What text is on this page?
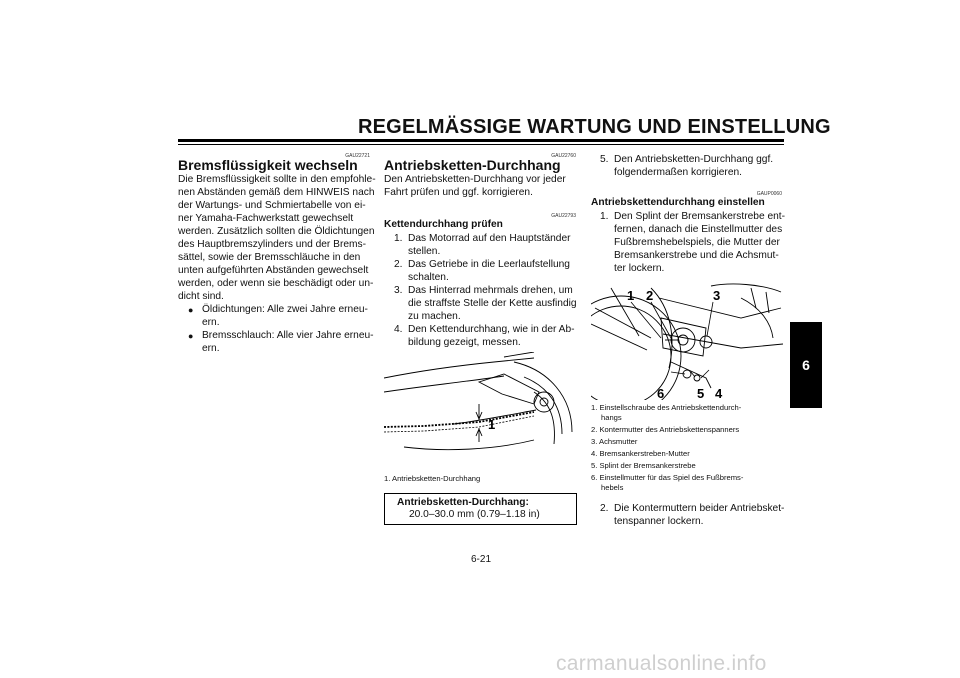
REGELMÄSSIGE WARTUNG UND EINSTELLUNG
6
GAU22721
Bremsflüssigkeit wechseln
Die Bremsflüssigkeit sollte in den empfohle-
nen Abständen gemäß dem HINWEIS nach
der Wartungs- und Schmiertabelle von ei-
ner Yamaha-Fachwerkstatt gewechselt
werden. Zusätzlich sollten die Öldichtungen
des Hauptbremszylinders und der Brems-
sättel, sowie der Bremsschläuche in den
unten aufgeführten Abständen gewechselt
werden, oder wenn sie beschädigt oder un-
dicht sind.
● Öldichtungen: Alle zwei Jahre erneu-
ern.
● Bremsschlauch: Alle vier Jahre erneu-
ern.
GAU22760
Antriebsketten-Durchhang
Den Antriebsketten-Durchhang vor jeder
Fahrt prüfen und ggf. korrigieren.
GAU22793
Kettendurchhang prüfen
1. Das Motorrad auf den Hauptständer
stellen.
2. Das Getriebe in die Leerlaufstellung
schalten.
3. Das Hinterrad mehrmals drehen, um
die straffste Stelle der Kette ausfindig
zu machen.
4. Den Kettendurchhang, wie in der Ab-
bildung gezeigt, messen.
1
1. Antriebsketten-Durchhang
Antriebsketten-Durchhang:
20.0–30.0 mm (0.79–1.18 in)
5. Den Antriebsketten-Durchhang ggf.
folgendermaßen korrigieren.
GAUP0060
Antriebskettendurchhang einstellen
1. Den Splint der Bremsankerstrebe ent-
fernen, danach die Einstellmutter des
Fußbremshebelspiels, die Mutter der
Bremsankerstrebe und die Achsmut-
ter lockern.
1 2	3
4
5
6
1. Einstellschraube des Antriebskettendurch-
hangs
2. Kontermutter des Antriebskettenspanners
3. Achsmutter
4. Bremsankerstreben-Mutter
5. Splint der Bremsankerstrebe
6. Einstellmutter für das Spiel des Fußbrems-
hebels
2. Die Kontermuttern beider Antriebsket-
tenspanner lockern.
6-21
carmanualsonline.info
